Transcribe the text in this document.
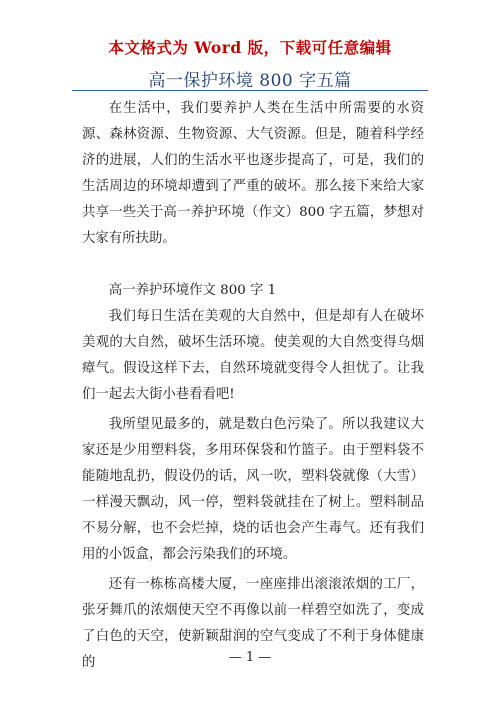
本文格式为 Word 版，下载可任意编辑
高一保护环境 800 字五篇

在生活中，我们要养护人类在生活中所需要的水资源、森林资源、生物资源、大气资源。但是，随着科学经济的进展，人们的生活水平也逐步提高了，可是，我们的生活周边的环境却遭到了严重的破坏。那么接下来给大家共享一些关于高一养护环境（作文）800 字五篇，梦想对大家有所扶助。

高一养护环境作文 800 字 1

我们每日生活在美观的大自然中，但是却有人在破坏美观的大自然，破坏生活环境。使美观的大自然变得乌烟瘴气。假设这样下去，自然环境就变得令人担忧了。让我们一起去大街小巷看看吧!

我所望见最多的，就是数白色污染了。所以我建议大家还是少用塑料袋，多用环保袋和竹篮子。由于塑料袋不能随地乱扔，假设仍的话，风一吹，塑料袋就像（大雪）一样漫天飘动，风一停，塑料袋就挂在了树上。塑料制品不易分解，也不会烂掉，烧的话也会产生毒气。还有我们用的小饭盒，都会污染我们的环境。

还有一栋栋高楼大厦，一座座排出滚滚浓烟的工厂，张牙舞爪的浓烟使天空不再像以前一样碧空如洗了，变成了白色的天空，使新颖甜润的空气变成了不利于身体健康的	— 1 —
